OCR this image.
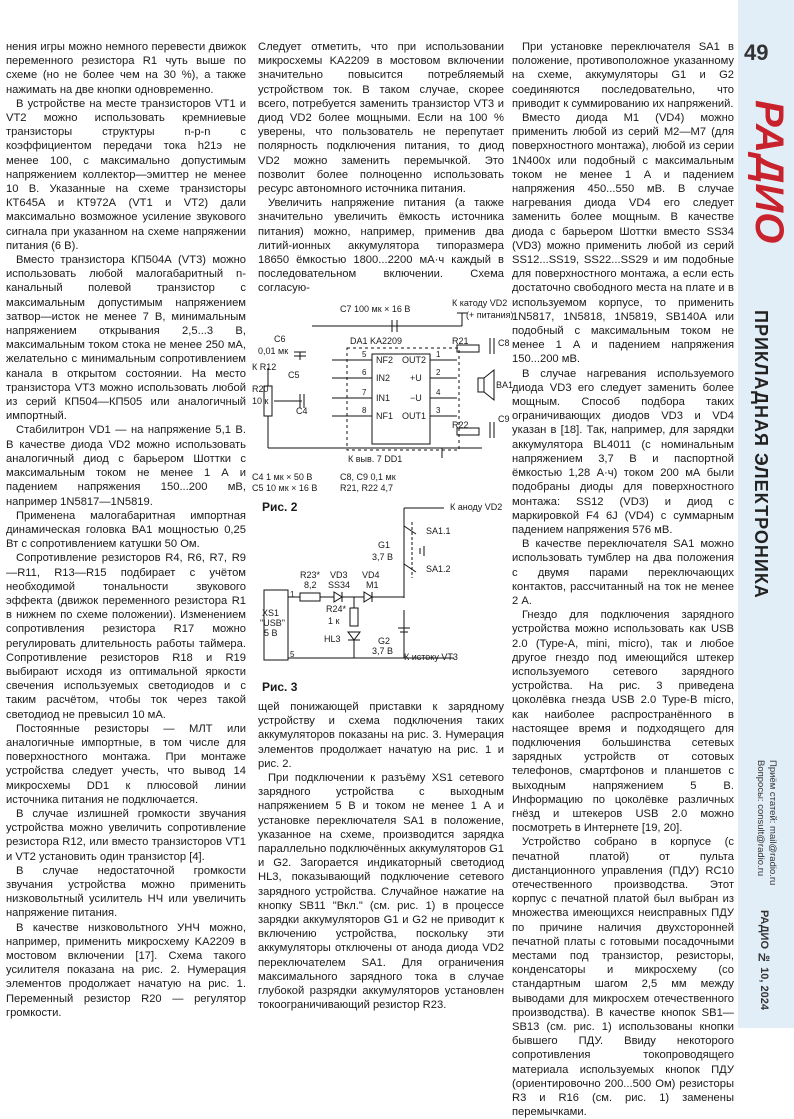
49
РАДИО
ПРИКЛАДНАЯ ЭЛЕКТРОНИКА
Приём статей: mail@radio.ru
Вопросы: consult@radio.ru
РАДИО № 10, 2024

нения игры можно немного перевести движок переменного резистора R1 чуть выше по схеме (но не более чем на 30 %), а также нажимать на две кнопки одновременно.

В устройстве на месте транзисторов VT1 и VT2 можно использовать кремниевые транзисторы структуры n-p-n с коэффициентом передачи тока h21э не менее 100, с максимально допустимым напряжением коллектор—эмиттер не менее 10 В. Указанные на схеме транзисторы КТ645А и КТ972А (VT1 и VT2) дали максимально возможное усиление звукового сигнала при указанном на схеме напряжении питания (6 В).

Вместо транзистора КП504А (VT3) можно использовать любой малогабаритный n-канальный полевой транзистор с максимальным допустимым напряжением затвор—исток не менее 7 В, минимальным напряжением открывания 2,5...3 В, максимальным током стока не менее 250 мА, желательно с минимальным сопротивлением канала в открытом состоянии. На место транзистора VT3 можно использовать любой из серий КП504—КП505 или аналогичный импортный.

Стабилитрон VD1 — на напряжение 5,1 В. В качестве диода VD2 можно использовать аналогичный диод с барьером Шоттки с максимальным током не менее 1 А и падением напряжения 150...200 мВ, например 1N5817—1N5819.

Применена малогабаритная импортная динамическая головка ВА1 мощностью 0,25 Вт с сопротивлением катушки 50 Ом.

Сопротивление резисторов R4, R6, R7, R9—R11, R13—R15 подбирает с учётом необходимой тональности звукового эффекта (движок переменного резистора R1 в нижнем по схеме положении). Изменением сопротивления резистора R17 можно регулировать длительность работы таймера. Сопротивление резисторов R18 и R19 выбирают исходя из оптимальной яркости свечения используемых светодиодов и с таким расчётом, чтобы ток через такой светодиод не превысил 10 мА.

Постоянные резисторы — МЛТ или аналогичные импортные, в том числе для поверхностного монтажа. При монтаже устройства следует учесть, что вывод 14 микросхемы DD1 к плюсовой линии источника питания не подключается.

В случае излишней громкости звучания устройства можно увеличить сопротивление резистора R12, или вместо транзисторов VT1 и VT2 установить один транзистор [4].

В случае недостаточной громкости звучания устройства можно применить низковольтный усилитель НЧ или увеличить напряжение питания.

В качестве низковольтного УНЧ можно, например, применить микросхему KA2209 в мостовом включении [17]. Схема такого усилителя показана на рис. 2. Нумерация элементов продолжает начатую на рис. 1. Переменный резистор R20 — регулятор громкости.

Следует отметить, что при использовании микросхемы KA2209 в мостовом включении значительно повысится потребляемый устройством ток. В таком случае, скорее всего, потребуется заменить транзистор VT3 и диод VD2 более мощными. Если на 100 % уверены, что пользователь не перепутает полярность подключения питания, то диод VD2 можно заменить перемычкой. Это позволит более полноценно использовать ресурс автономного источника питания.

Увеличить напряжение питания (а также значительно увеличить ёмкость источника питания) можно, например, применив два литий-ионных аккумулятора типоразмера 18650 ёмкостью 1800...2200 мА·ч каждый в последовательном включении. Схема согласую-

C7 100 мк × 16 В
К катоду VD2
(+ питания)
C6
0,01 мк
DA1 KA2209
К R12
C5
R21	C8
R20
10 к
C4
NF2
IN2
IN1
NF1
OUT2
+U
−U
OUT1
5
6
7
8
1
2
4
3
BA1
C9
R22
К выв. 7 DD1
C4 1 мк × 50 В
C5 10 мк × 16 В
C8, C9 0,1 мк
R21, R22 4,7
Рис. 2	К аноду VD2
SA1.1
SA1.2
G1
3,7 В
R23*
8,2
VD3
SS34
VD4
M1
XS1
"USB"
5 В
R24*
1 к
HL3	G2
3,7 В
К истоку VT3
1
5
Рис. 3

щей понижающей приставки к зарядному устройству и схема подключения таких аккумуляторов показаны на рис. 3. Нумерация элементов продолжает начатую на рис. 1 и рис. 2.

При подключении к разъёму XS1 сетевого зарядного устройства с выходным напряжением 5 В и током не менее 1 А и установке переключателя SA1 в положение, указанное на схеме, производится зарядка параллельно подключённых аккумуляторов G1 и G2. Загорается индикаторный светодиод HL3, показывающий подключение сетевого зарядного устройства. Случайное нажатие на кнопку SB11 "Вкл." (см. рис. 1) в процессе зарядки аккумуляторов G1 и G2 не приводит к включению устройства, поскольку эти аккумуляторы отключены от анода диода VD2 переключателем SA1. Для ограничения максимального зарядного тока в случае глубокой разрядки аккумуляторов установлен токоограничивающий резистор R23.

При установке переключателя SA1 в положение, противоположное указанному на схеме, аккумуляторы G1 и G2 соединяются последовательно, что приводит к суммированию их напряжений.

Вместо диода M1 (VD4) можно применить любой из серий M2—M7 (для поверхностного монтажа), любой из серии 1N400x или подобный с максимальным током не менее 1 А и падением напряжения 450...550 мВ. В случае нагревания диода VD4 его следует заменить более мощным. В качестве диода с барьером Шоттки вместо SS34 (VD3) можно применить любой из серий SS12...SS19, SS22...SS29 и им подобные для поверхностного монтажа, а если есть достаточно свободного места на плате и в используемом корпусе, то применить 1N5817, 1N5818, 1N5819, SB140A или подобный с максимальным током не менее 1 А и падением напряжения 150...200 мВ.

В случае нагревания используемого диода VD3 его следует заменить более мощным. Способ подбора таких ограничивающих диодов VD3 и VD4 указан в [18]. Так, например, для зарядки аккумулятора BL4011 (с номинальным напряжением 3,7 В и паспортной ёмкостью 1,28 А·ч) током 200 мА были подобраны диоды для поверхностного монтажа: SS12 (VD3) и диод с маркировкой F4 6J (VD4) с суммарным падением напряжения 576 мВ.

В качестве переключателя SA1 можно использовать тумблер на два положения с двумя парами переключающих контактов, рассчитанный на ток не менее 2 А.

Гнездо для подключения зарядного устройства можно использовать как USB 2.0 (Type-A, mini, micro), так и любое другое гнездо под имеющийся штекер используемого сетевого зарядного устройства. На рис. 3 приведена цоколёвка гнезда USB 2.0 Type-B micro, как наиболее распространённого в настоящее время и подходящего для подключения большинства сетевых зарядных устройств от сотовых телефонов, смартфонов и планшетов с выходным напряжением 5 В. Информацию по цоколёвке различных гнёзд и штекеров USB 2.0 можно посмотреть в Интернете [19, 20].

Устройство собрано в корпусе (с печатной платой) от пульта дистанционного управления (ПДУ) RC10 отечественного производства. Этот корпус с печатной платой был выбран из множества имеющихся неисправных ПДУ по причине наличия двухсторонней печатной платы с готовыми посадочными местами под транзистор, резисторы, конденсаторы и микросхему (со стандартным шагом 2,5 мм между выводами для микросхем отечественного производства). В качестве кнопок SB1—SB13 (см. рис. 1) использованы кнопки бывшего ПДУ. Ввиду некоторого сопротивления токопроводящего материала используемых кнопок ПДУ (ориентировочно 200...500 Ом) резисторы R3 и R16 (см. рис. 1) заменены перемычками.
